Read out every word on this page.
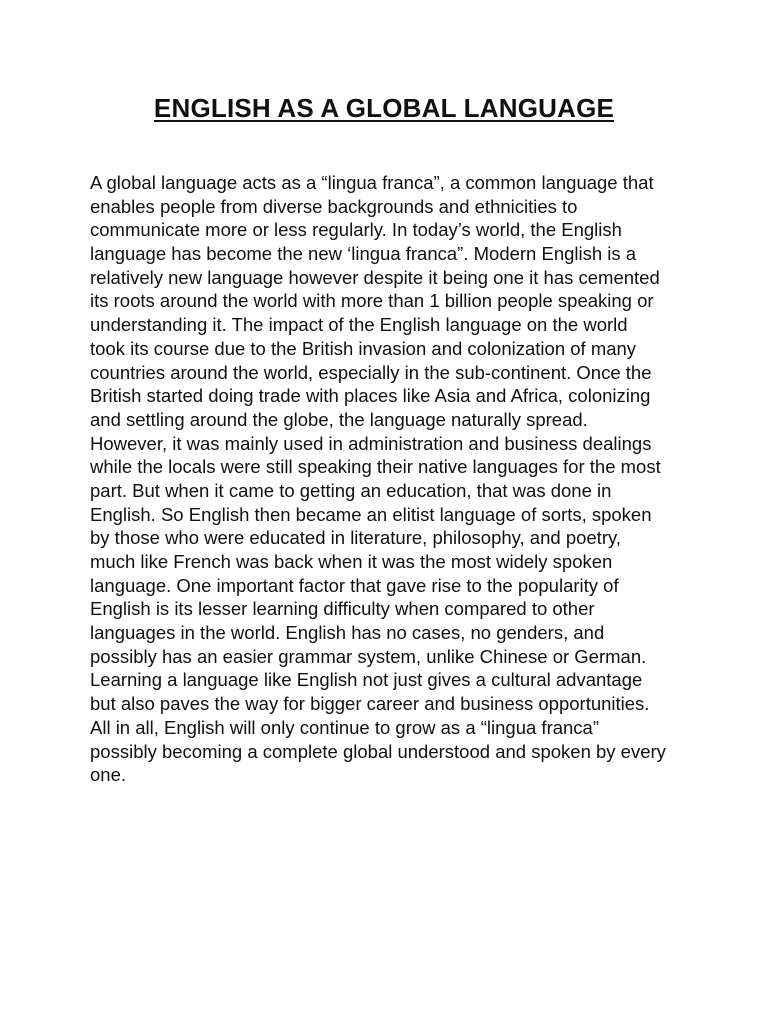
ENGLISH AS A GLOBAL LANGUAGE
A global language acts as a “lingua franca”, a common language that
enables people from diverse backgrounds and ethnicities to
communicate more or less regularly. In today’s world, the English
language has become the new ‘lingua franca”. Modern English is a
relatively new language however despite it being one it has cemented
its roots around the world with more than 1 billion people speaking or
understanding it. The impact of the English language on the world
took its course due to the British invasion and colonization of many
countries around the world, especially in the sub-continent. Once the
British started doing trade with places like Asia and Africa, colonizing
and settling around the globe, the language naturally spread.
However, it was mainly used in administration and business dealings
while the locals were still speaking their native languages for the most
part. But when it came to getting an education, that was done in
English. So English then became an elitist language of sorts, spoken
by those who were educated in literature, philosophy, and poetry,
much like French was back when it was the most widely spoken
language. One important factor that gave rise to the popularity of
English is its lesser learning difficulty when compared to other
languages in the world. English has no cases, no genders, and
possibly has an easier grammar system, unlike Chinese or German.
Learning a language like English not just gives a cultural advantage
but also paves the way for bigger career and business opportunities.
All in all, English will only continue to grow as a “lingua franca”
possibly becoming a complete global understood and spoken by every
one.
